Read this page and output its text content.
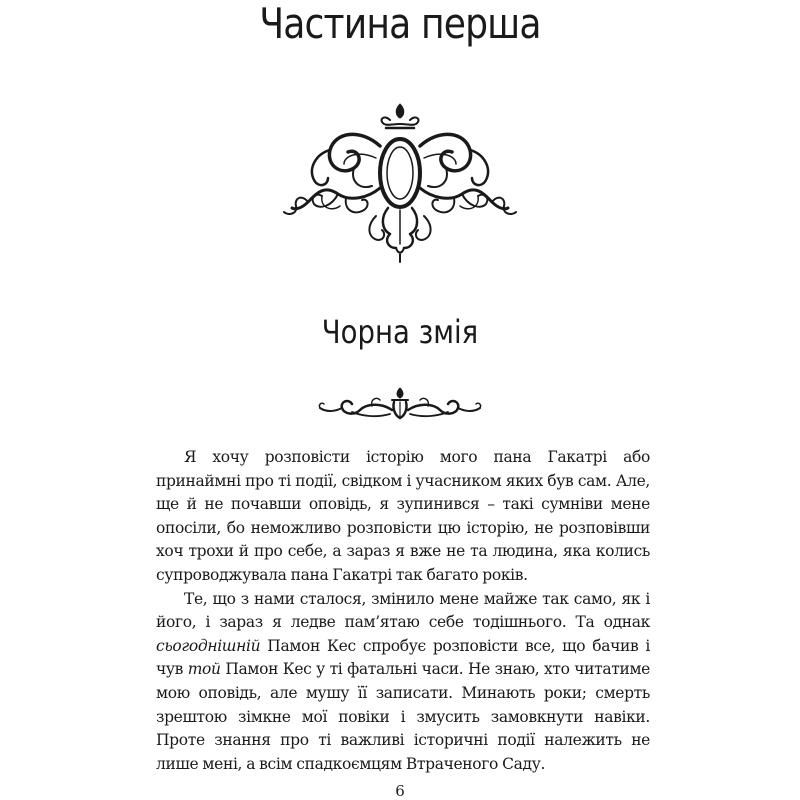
Частина перша
Чорна змія

Я хочу розповісти історію мого пана Гакатрі або принаймні про ті події, свідком і учасником яких був сам. Але, ще й не почавши оповідь, я зупинився – такі сумніви мене опосіли, бо неможливо розповісти цю історію, не розповівши хоч трохи й про себе, а зараз я вже не та людина, яка колись супроводжувала пана Гакатрі так багато років.

Те, що з нами сталося, змінило мене майже так само, як і його, і зараз я ледве пам’ятаю себе тодішнього. Та однак сьогоднішній Памон Кес спробує розповісти все, що бачив і чув той Памон Кес у ті фатальні часи. Не знаю, хто читатиме мою оповідь, але мушу її записати. Минають роки; смерть зрештою зімкне мої повіки і змусить замовкнути навіки. Проте знання про ті важливі історичні події належить не лише мені, а всім спадкоємцям Втраченого Саду.

6
